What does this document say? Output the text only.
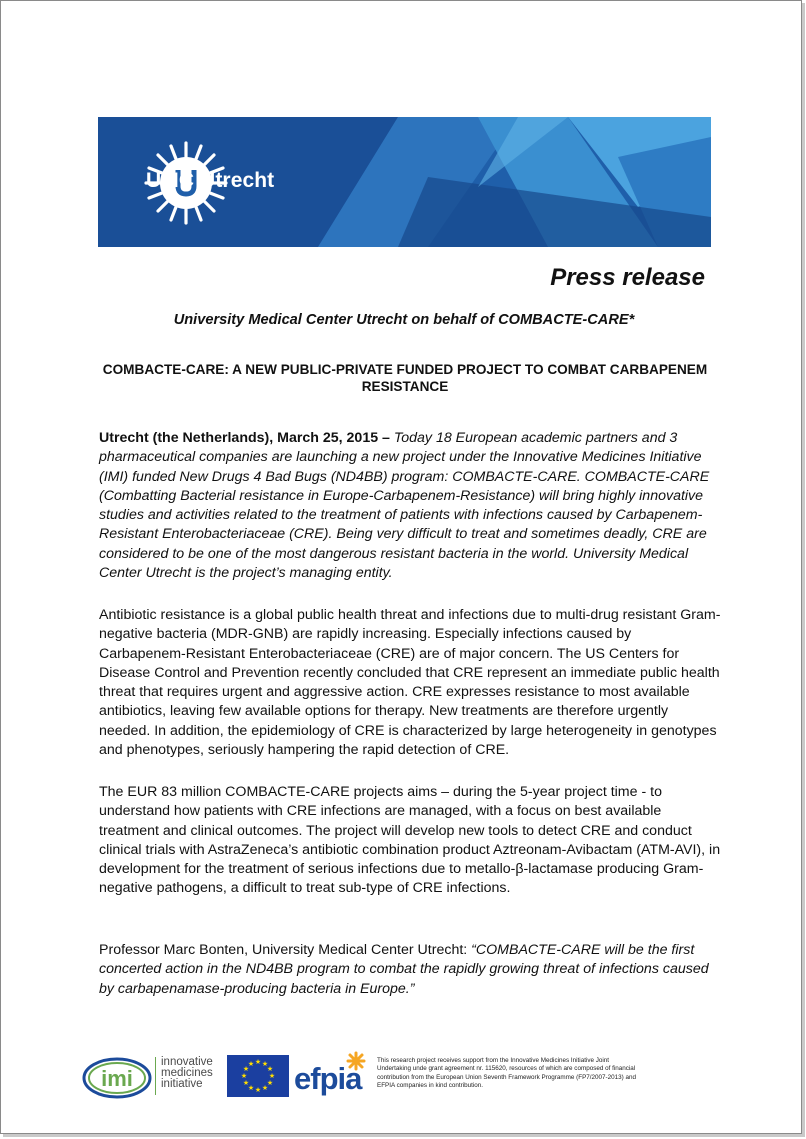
UMC Utrecht
Press release
University Medical Center Utrecht on behalf of COMBACTE-CARE*
COMBACTE-CARE: A NEW PUBLIC-PRIVATE FUNDED PROJECT TO COMBAT CARBAPENEM RESISTANCE
Utrecht (the Netherlands), March 25, 2015 – Today 18 European academic partners and 3 pharmaceutical companies are launching a new project under the Innovative Medicines Initiative (IMI) funded New Drugs 4 Bad Bugs (ND4BB) program: COMBACTE-CARE. COMBACTE-CARE (Combatting Bacterial resistance in Europe-Carbapenem-Resistance) will bring highly innovative studies and activities related to the treatment of patients with infections caused by Carbapenem-Resistant Enterobacteriaceae (CRE). Being very difficult to treat and sometimes deadly, CRE are considered to be one of the most dangerous resistant bacteria in the world. University Medical Center Utrecht is the project’s managing entity.
Antibiotic resistance is a global public health threat and infections due to multi-drug resistant Gram-negative bacteria (MDR-GNB) are rapidly increasing. Especially infections caused by Carbapenem-Resistant Enterobacteriaceae (CRE) are of major concern. The US Centers for Disease Control and Prevention recently concluded that CRE represent an immediate public health threat that requires urgent and aggressive action. CRE expresses resistance to most available antibiotics, leaving few available options for therapy. New treatments are therefore urgently needed. In addition, the epidemiology of CRE is characterized by large heterogeneity in genotypes and phenotypes, seriously hampering the rapid detection of CRE.
The EUR 83 million COMBACTE-CARE projects aims – during the 5-year project time - to understand how patients with CRE infections are managed, with a focus on best available treatment and clinical outcomes. The project will develop new tools to detect CRE and conduct clinical trials with AstraZeneca’s antibiotic combination product Aztreonam-Avibactam (ATM-AVI), in development for the treatment of serious infections due to metallo-β-lactamase producing Gram-negative pathogens, a difficult to treat sub-type of CRE infections.
Professor Marc Bonten, University Medical Center Utrecht: “COMBACTE-CARE will be the first concerted action in the ND4BB program to combat the rapidly growing threat of infections caused by carbapenamase-producing bacteria in Europe.”
imi
innovative
medicines
initiative
★ ★
★
★
★
★
★
★
★
★
★
★ efpia
This research project receives support from the Innovative Medicines Initiative Joint Undertaking unde grant agreement nr. 115620, resources of which are composed of financial contribution from the European Union Seventh Framework Programme (FP7/2007-2013) and EFPIA companies in kind contribution.
